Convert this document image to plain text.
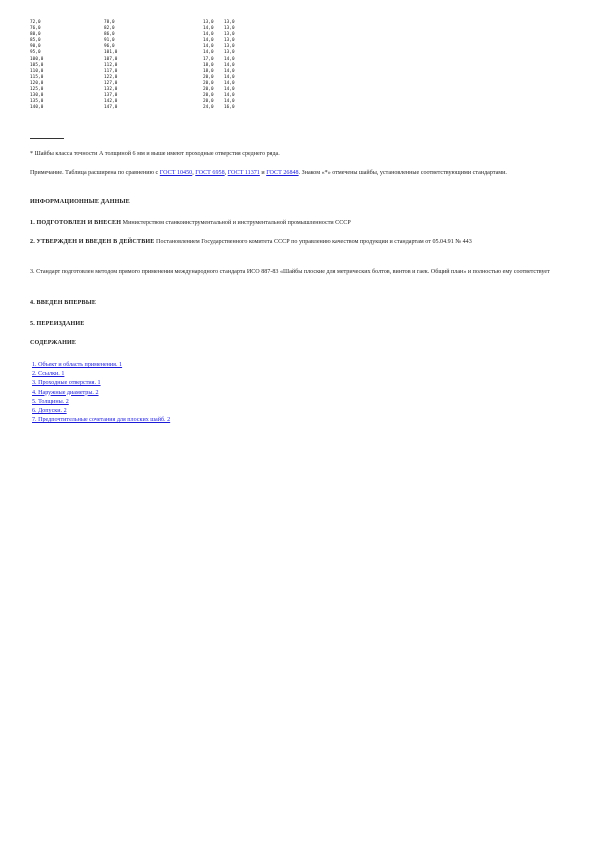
72,0	78,0	13,0	13,0
76,0	82,0	14,0	13,0
80,0	86,0	14,0	13,0
85,0	91,0	14,0	13,0
90,0	96,0	14,0	13,0
95,0	101,0	14,0	13,0
100,0	107,0	17,0	14,0
105,0	112,0	18,0	14,0
110,0	117,0	18,0	14,0
115,0	122,0	20,0	14,0
120,0	127,0	20,0	14,0
125,0	132,0	20,0	14,0
130,0	137,0	20,0	14,0
135,0	142,0	20,0	14,0
140,0	147,0	24,0	16,0
* Шайбы класса точности А толщиной 6 мм и выше имеют проходные отверстия среднего ряда.
Примечание. Таблица расширена по сравнению с ГОСТ 10450, ГОСТ 6958, ГОСТ 11371 и ГОСТ 26848. Знаком «*» отмечены шайбы, установленные соответствующими стандартами.
ИНФОРМАЦИОННЫЕ ДАННЫЕ
1. ПОДГОТОВЛЕН И ВНЕСЕН Министерством станкоинструментальной и инструментальной промышленности СССР
2. УТВЕРЖДЕН И ВВЕДЕН В ДЕЙСТВИЕ Постановлением Государственного комитета СССР по управлению качеством продукции и стандартам от 05.04.91 № 443
3. Стандарт подготовлен методом прямого применения международного стандарта ИСО 887-83 «Шайбы плоские для метрических болтов, винтов и гаек. Общий план» и полностью ему соответствует
4. ВВЕДЕН ВПЕРВЫЕ
5. ПЕРЕИЗДАНИЕ
СОДЕРЖАНИЕ
1. Объект и область применения. 1
2. Ссылки. 1
3. Проходные отверстия. 1
4. Наружные диаметры. 2
5. Толщины. 2
6. Допуски. 2
7. Предпочтительные сочетания для плоских шайб. 2
